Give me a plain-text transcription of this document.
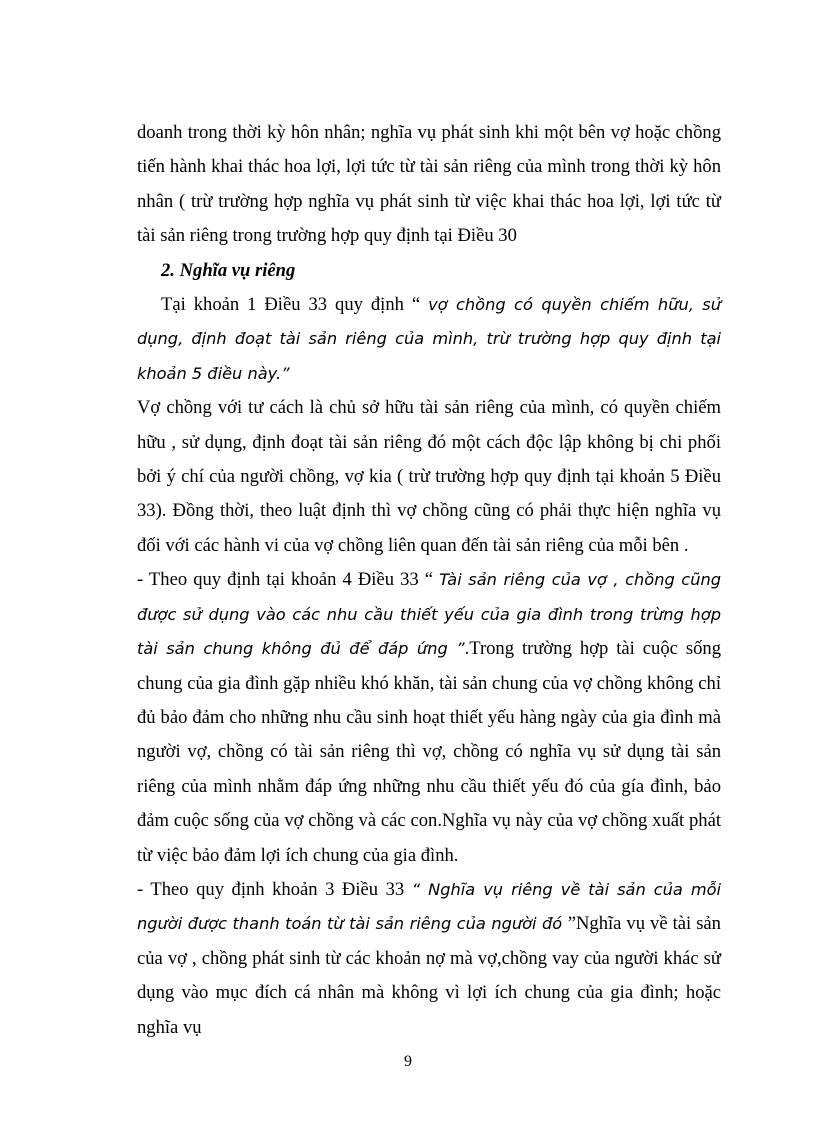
doanh trong thời kỳ hôn nhân; nghĩa vụ phát sinh khi một bên vợ hoặc chồng tiến hành khai thác hoa lợi, lợi tức từ tài sản riêng của mình trong thời kỳ hôn nhân ( trừ trường hợp nghĩa vụ phát sinh từ việc khai thác hoa lợi, lợi tức từ tài sản riêng trong trường hợp quy định tại Điều 30

2. Nghĩa vụ riêng

Tại khoản 1 Điều 33 quy định “ vợ chồng có quyền chiếm hữu, sử dụng, định đoạt tài sản riêng của mình, trừ trường hợp quy định tại khoản 5 điều này.”

Vợ chồng với tư cách là chủ sở hữu tài sản riêng của mình, có quyền chiếm hữu , sử dụng, định đoạt tài sản riêng đó một cách độc lập không bị chi phối bởi ý chí của người chồng, vợ kia ( trừ trường hợp quy định tại khoản 5 Điều 33). Đồng thời, theo luật định thì vợ chồng cũng có phải thực hiện nghĩa vụ đối với các hành vi của vợ chồng liên quan đến tài sản riêng của mỗi bên .

- Theo quy định tại khoản 4 Điều 33 “ Tài sản riêng của vợ , chồng cũng được sử dụng vào các nhu cầu thiết yếu của gia đình trong trừng hợp tài sản chung không đủ để đáp ứng ”.Trong trường hợp tài cuộc sống chung của gia đình gặp nhiều khó khăn, tài sản chung của vợ chồng không chỉ đủ bảo đảm cho những nhu cầu sinh hoạt thiết yếu hàng ngày của gia đình mà người vợ, chồng có tài sản riêng thì vợ, chồng có nghĩa vụ sử dụng tài sản riêng của mình nhằm đáp ứng những nhu cầu thiết yếu đó của gía đình, bảo đảm cuộc sống của vợ chồng và các con.Nghĩa vụ này của vợ chồng xuất phát từ việc bảo đảm lợi ích chung của gia đình.

- Theo quy định khoản 3 Điều 33 “ Nghĩa vụ riêng về tài sản của mỗi người được thanh toán từ tài sản riêng của người đó ”Nghĩa vụ về tài sản của vợ , chồng phát sinh từ các khoản nợ mà vợ,chồng vay của người khác sử dụng vào mục đích cá nhân mà không vì lợi ích chung của gia đình; hoặc nghĩa vụ

9
